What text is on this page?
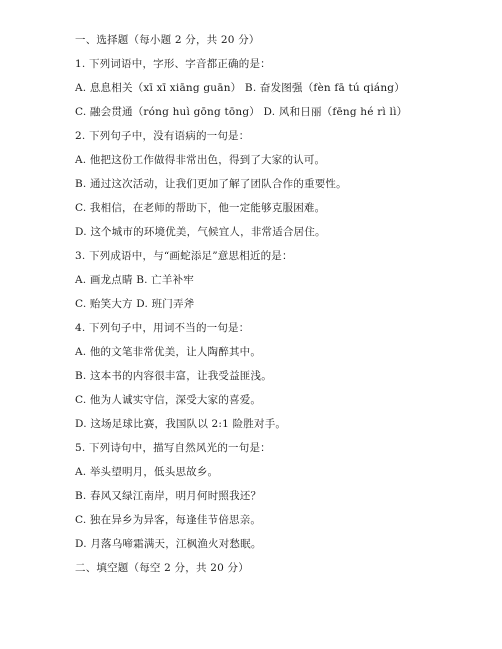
一、选择题（每小题 2 分，共 20 分）
1. 下列词语中，字形、字音都正确的是：
A. 息息相关（xī xī xiāng guān） B. 奋发图强（fèn fā tú qiáng）
C. 融会贯通（róng huì gōng tōng） D. 风和日丽（fēng hé rì lì）
2. 下列句子中，没有语病的一句是：
A. 他把这份工作做得非常出色，得到了大家的认可。
B. 通过这次活动，让我们更加了解了团队合作的重要性。
C. 我相信，在老师的帮助下，他一定能够克服困难。
D. 这个城市的环境优美，气候宜人，非常适合居住。
3. 下列成语中，与“画蛇添足”意思相近的是：
A. 画龙点睛 B. 亡羊补牢
C. 贻笑大方 D. 班门弄斧
4. 下列句子中，用词不当的一句是：
A. 他的文笔非常优美，让人陶醉其中。
B. 这本书的内容很丰富，让我受益匪浅。
C. 他为人诚实守信，深受大家的喜爱。
D. 这场足球比赛，我国队以 2:1 险胜对手。
5. 下列诗句中，描写自然风光的一句是：
A. 举头望明月，低头思故乡。
B. 春风又绿江南岸，明月何时照我还？
C. 独在异乡为异客，每逢佳节倍思亲。
D. 月落乌啼霜满天，江枫渔火对愁眠。
二、填空题（每空 2 分，共 20 分）
